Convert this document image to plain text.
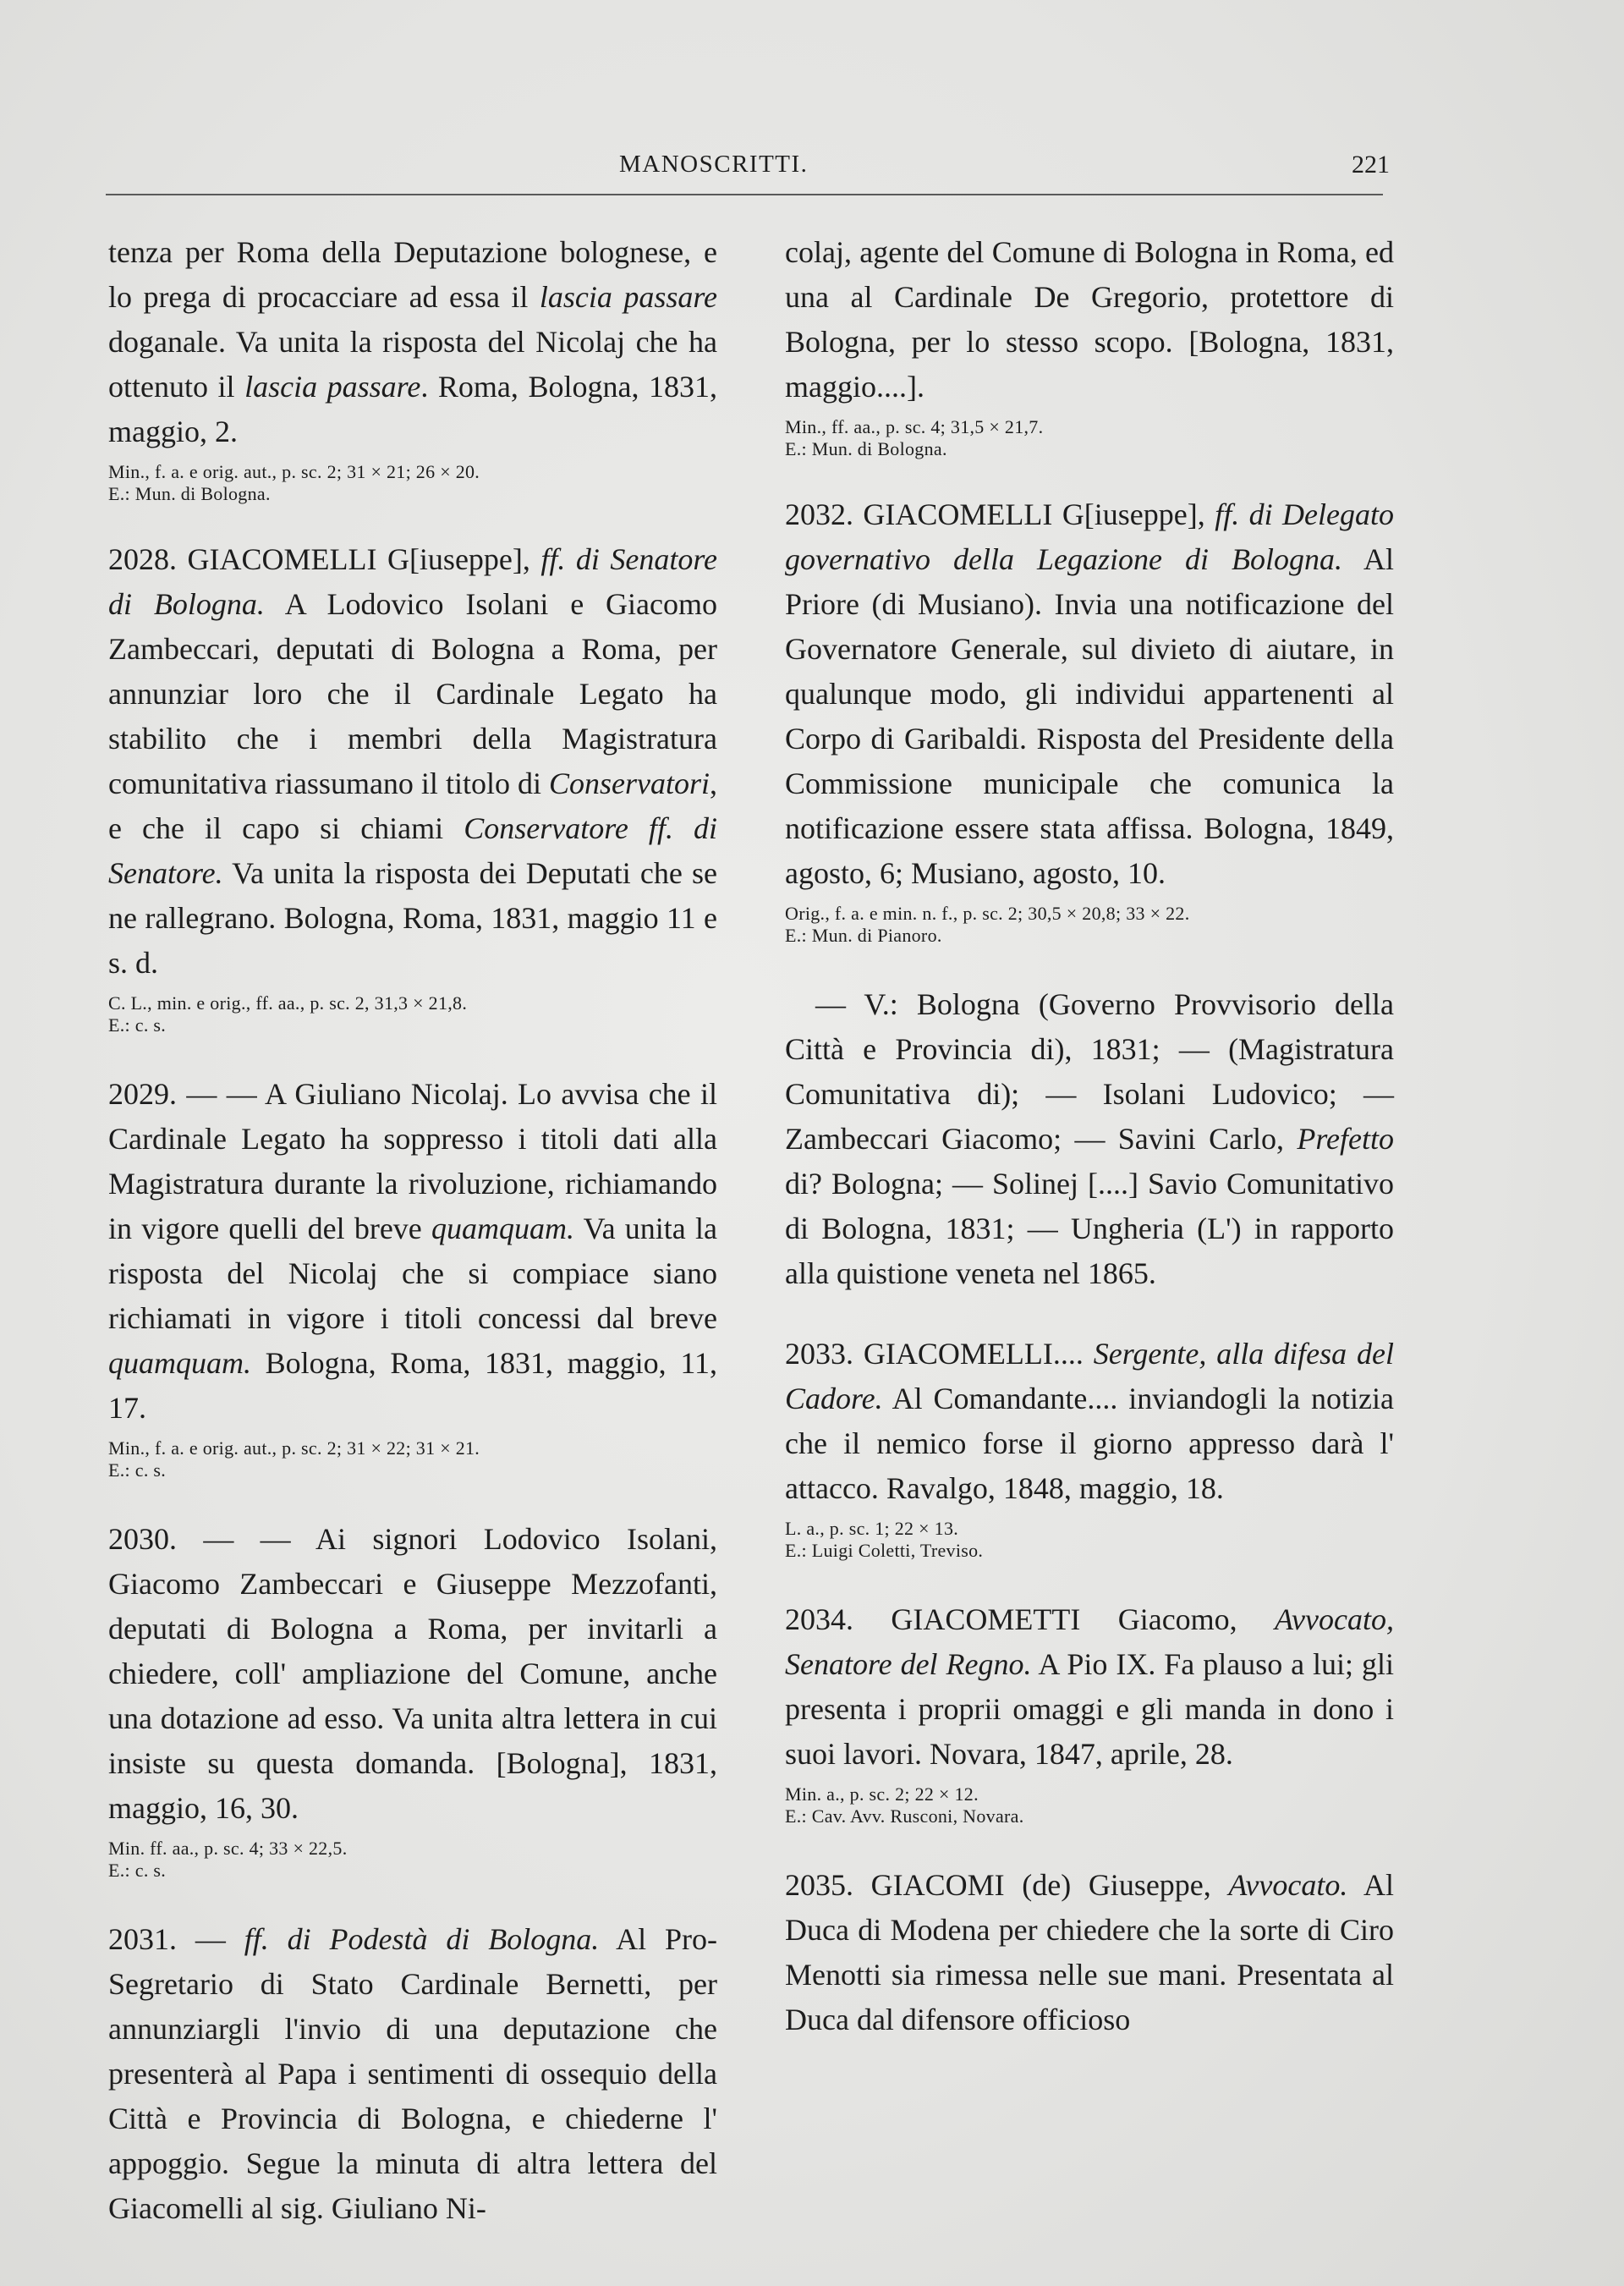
MANOSCRITTI.	221

tenza per Roma della Deputazione bolognese, e lo prega di procacciare ad essa il lascia passare doganale. Va unita la risposta del Nicolaj che ha ottenuto il lascia passare. Roma, Bologna, 1831, maggio, 2.

Min., f. a. e orig. aut., p. sc. 2; 31 × 21; 26 × 20.
E.: Mun. di Bologna.

2028. GIACOMELLI G[iuseppe], ff. di Senatore di Bologna. A Lodovico Isolani e Giacomo Zambeccari, deputati di Bologna a Roma, per annunziar loro che il Cardinale Legato ha stabilito che i membri della Magistratura comunitativa riassumano il titolo di Conservatori, e che il capo si chiami Conservatore ff. di Senatore. Va unita la risposta dei Deputati che se ne rallegrano. Bologna, Roma, 1831, maggio 11 e s. d.

C. L., min. e orig., ff. aa., p. sc. 2, 31,3 × 21,8.
E.: c. s.

2029. — — A Giuliano Nicolaj. Lo avvisa che il Cardinale Legato ha soppresso i titoli dati alla Magistratura durante la rivoluzione, richiamando in vigore quelli del breve quamquam. Va unita la risposta del Nicolaj che si compiace siano richiamati in vigore i titoli concessi dal breve quamquam. Bologna, Roma, 1831, maggio, 11, 17.

Min., f. a. e orig. aut., p. sc. 2; 31 × 22; 31 × 21.
E.: c. s.

2030. — — Ai signori Lodovico Isolani, Giacomo Zambeccari e Giuseppe Mezzofanti, deputati di Bologna a Roma, per invitarli a chiedere, coll' ampliazione del Comune, anche una dotazione ad esso. Va unita altra lettera in cui insiste su questa domanda. [Bologna], 1831, maggio, 16, 30.

Min. ff. aa., p. sc. 4; 33 × 22,5.
E.: c. s.

2031. — ff. di Podestà di Bologna. Al Pro-Segretario di Stato Cardinale Bernetti, per annunziargli l'invio di una deputazione che presenterà al Papa i sentimenti di ossequio della Città e Provincia di Bologna, e chiederne l' appoggio. Segue la minuta di altra lettera del Giacomelli al sig. Giuliano Ni-

colaj, agente del Comune di Bologna in Roma, ed una al Cardinale De Gregorio, protettore di Bologna, per lo stesso scopo. [Bologna, 1831, maggio....].

Min., ff. aa., p. sc. 4; 31,5 × 21,7.
E.: Mun. di Bologna.

2032. GIACOMELLI G[iuseppe], ff. di Delegato governativo della Legazione di Bologna. Al Priore (di Musiano). Invia una notificazione del Governatore Generale, sul divieto di aiutare, in qualunque modo, gli individui appartenenti al Corpo di Garibaldi. Risposta del Presidente della Commissione municipale che comunica la notificazione essere stata affissa. Bologna, 1849, agosto, 6; Musiano, agosto, 10.

Orig., f. a. e min. n. f., p. sc. 2; 30,5 × 20,8; 33 × 22.
E.: Mun. di Pianoro.

— V.: Bologna (Governo Provvisorio della Città e Provincia di), 1831; — (Magistratura Comunitativa di); — Isolani Ludovico; — Zambeccari Giacomo; — Savini Carlo, Prefetto di? Bologna; — Solinej [....] Savio Comunitativo di Bologna, 1831; — Ungheria (L') in rapporto alla quistione veneta nel 1865.

2033. GIACOMELLI.... Sergente, alla difesa del Cadore. Al Comandante.... inviandogli la notizia che il nemico forse il giorno appresso darà l' attacco. Ravalgo, 1848, maggio, 18.

L. a., p. sc. 1; 22 × 13.
E.: Luigi Coletti, Treviso.

2034. GIACOMETTI Giacomo, Avvocato, Senatore del Regno. A Pio IX. Fa plauso a lui; gli presenta i proprii omaggi e gli manda in dono i suoi lavori. Novara, 1847, aprile, 28.

Min. a., p. sc. 2; 22 × 12.
E.: Cav. Avv. Rusconi, Novara.

2035. GIACOMI (de) Giuseppe, Avvocato. Al Duca di Modena per chiedere che la sorte di Ciro Menotti sia rimessa nelle sue mani. Presentata al Duca dal difensore officioso
